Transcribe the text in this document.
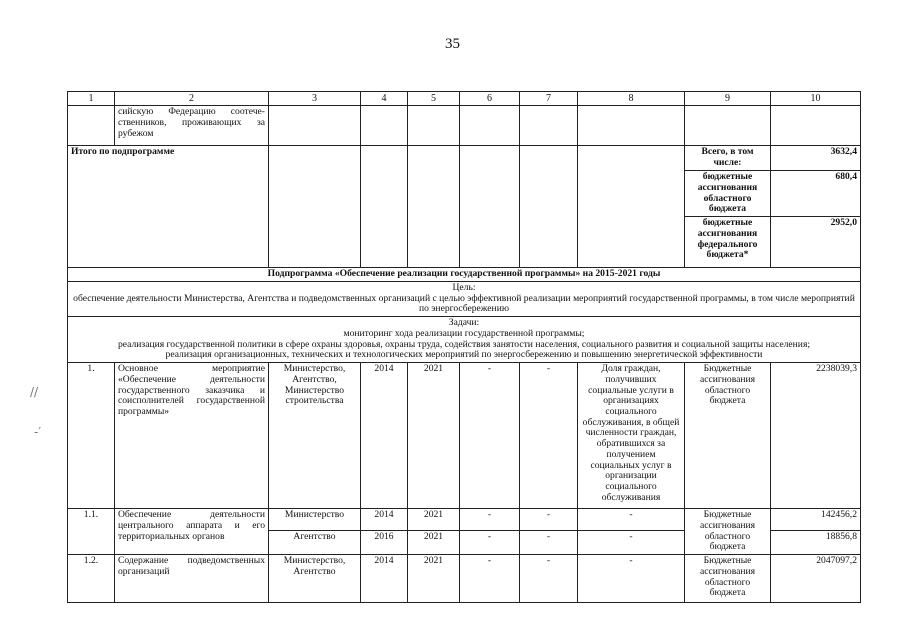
35
1	2	3	4	5	6	7	8	9	10
	сийскую Федерацию соотече-ственников, проживающих за рубежом								
Итого по подпрограмме								Всего, в том числе:	3632,4
								бюджетные ассигнования областного бюджета	680,4
								бюджетные ассигнования федерального бюджета*	2952,0
Подпрограмма «Обеспечение реализации государственной программы» на 2015-2021 годы									

Цель:
обеспечение деятельности Министерства, Агентства и подведомственных организаций с целью эффективной реализации мероприятий государственной программы, в том числе мероприятий по энергосбережению									

Задачи:
мониторинг хода реализации государственной программы;
реализация государственной политики в сфере охраны здоровья, охраны труда, содействия занятости населения, социального развития и социальной защиты населения;
реализация организационных, технических и технологических мероприятий по энергосбережению и повышению энергетической эффективности									

1.	Основное мероприятие «Обеспечение деятельности государственного заказчика и соисполнителей государственной программы»	Министерство, Агентство, Министерство строительства	2014	2021	-	-	Доля граждан, получивших социальные услуги в организациях социального обслуживания, в общей численности граждан, обратившихся за получением социальных услуг в организации социального обслуживания	Бюджетные ассигнования областного бюджета	2238039,3
1.1.	Обеспечение деятельности центрального аппарата и его территориальных органов	Министерство	2014	2021	-	-	-	Бюджетные ассигнования областного бюджета	142456,2
		Агентство	2016	2021	-	-	-		18856,8
1.2.	Содержание подведомственных организаций	Министерство, Агентство	2014	2021	-	-	-	Бюджетные ассигнования областного бюджета	2047097,2
//
‐′
